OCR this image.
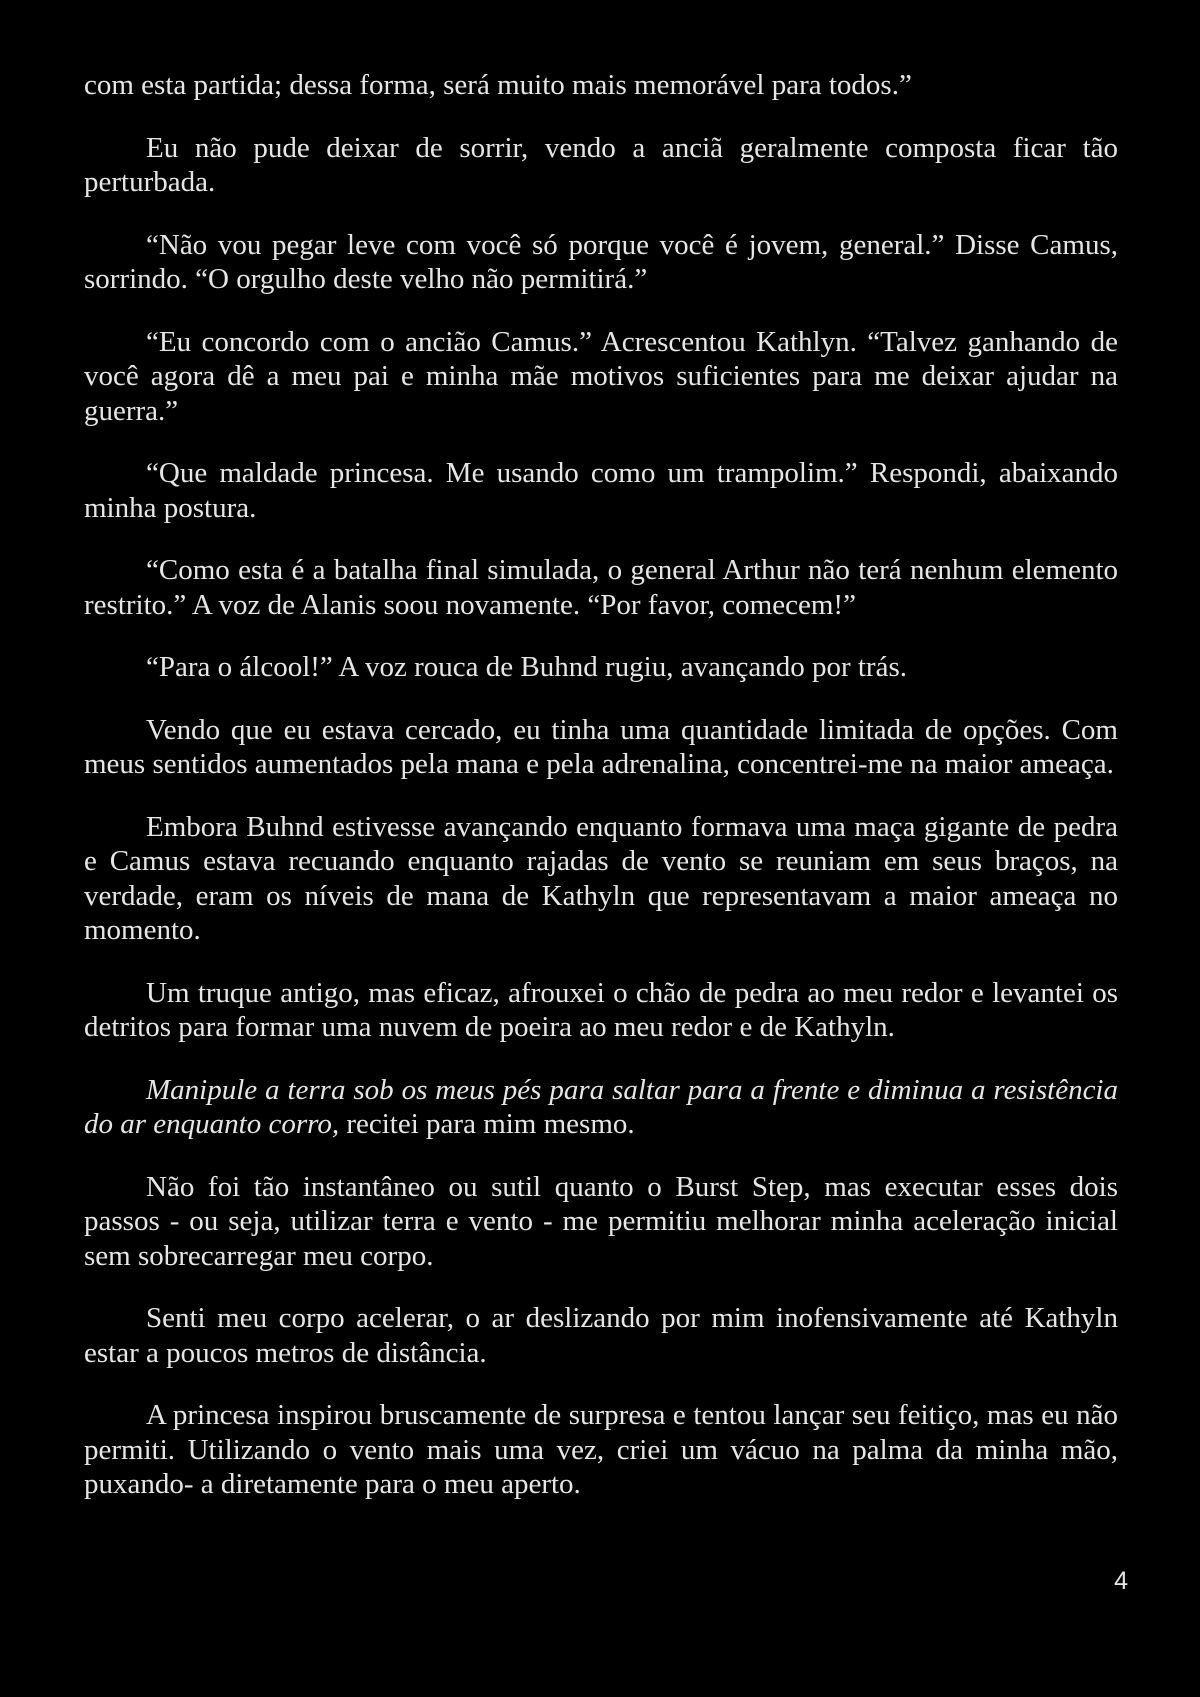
com esta partida; dessa forma, será muito mais memorável para todos.”

Eu não pude deixar de sorrir, vendo a anciã geralmente composta ficar tão perturbada.

“Não vou pegar leve com você só porque você é jovem, general.” Disse Camus, sorrindo. “O orgulho deste velho não permitirá.”

“Eu concordo com o ancião Camus.” Acrescentou Kathlyn. “Talvez ganhando de você agora dê a meu pai e minha mãe motivos suficientes para me deixar ajudar na guerra.”

“Que maldade princesa. Me usando como um trampolim.” Respondi, abaixando minha postura.

“Como esta é a batalha final simulada, o general Arthur não terá nenhum elemento restrito.” A voz de Alanis soou novamente. “Por favor, comecem!”

“Para o álcool!” A voz rouca de Buhnd rugiu, avançando por trás.

Vendo que eu estava cercado, eu tinha uma quantidade limitada de opções. Com meus sentidos aumentados pela mana e pela adrenalina, concentrei-me na maior ameaça.

Embora Buhnd estivesse avançando enquanto formava uma maça gigante de pedra e Camus estava recuando enquanto rajadas de vento se reuniam em seus braços, na verdade, eram os níveis de mana de Kathyln que representavam a maior ameaça no momento.

Um truque antigo, mas eficaz, afrouxei o chão de pedra ao meu redor e levantei os detritos para formar uma nuvem de poeira ao meu redor e de Kathyln.

Manipule a terra sob os meus pés para saltar para a frente e diminua a resistência do ar enquanto corro, recitei para mim mesmo.

Não foi tão instantâneo ou sutil quanto o Burst Step, mas executar esses dois passos - ou seja, utilizar terra e vento - me permitiu melhorar minha aceleração inicial sem sobrecarregar meu corpo.

Senti meu corpo acelerar, o ar deslizando por mim inofensivamente até Kathyln estar a poucos metros de distância.

A princesa inspirou bruscamente de surpresa e tentou lançar seu feitiço, mas eu não permiti. Utilizando o vento mais uma vez, criei um vácuo na palma da minha mão, puxando- a diretamente para o meu aperto.

4
